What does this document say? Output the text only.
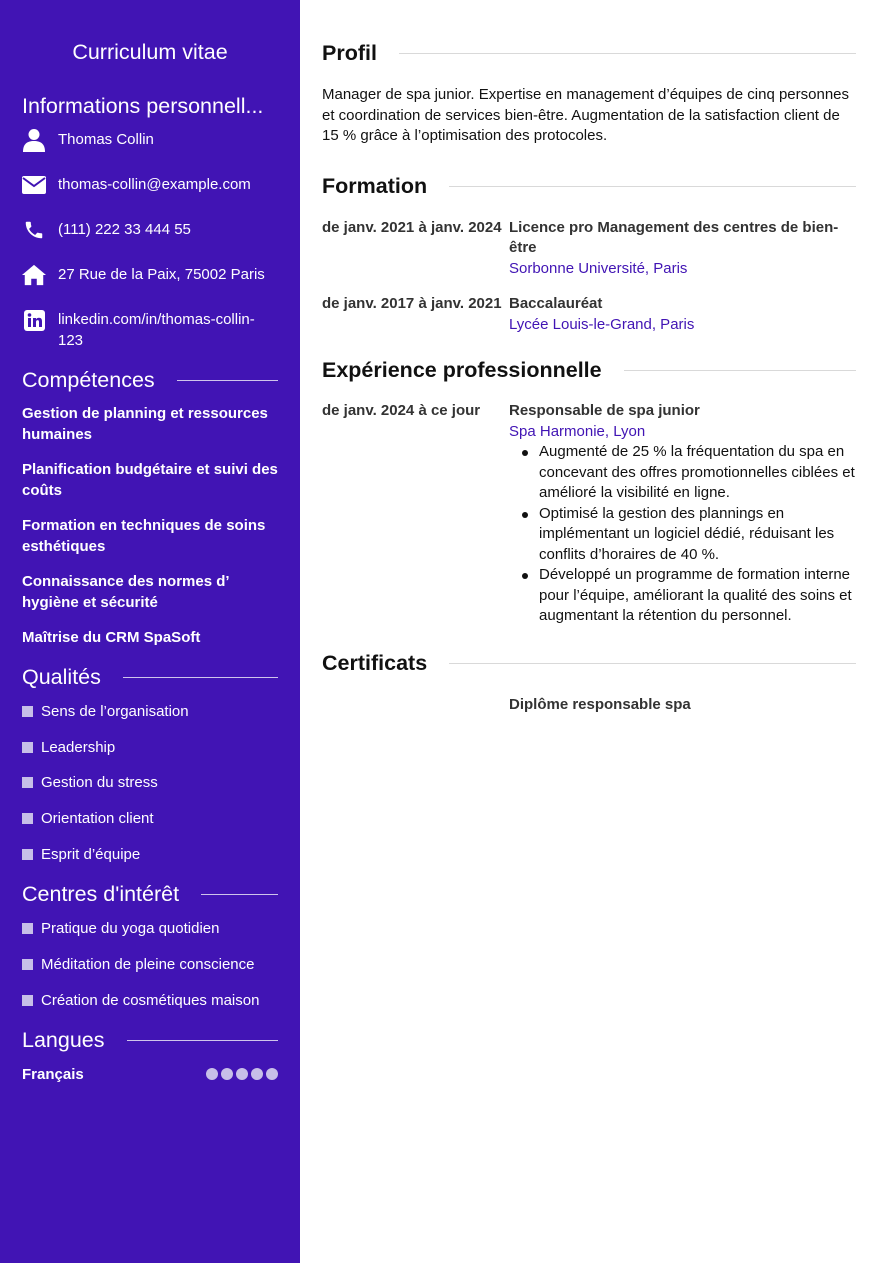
Curriculum vitae
Informations personnell...
Thomas Collin
thomas-collin@example.com
(111) 222 33 444 55
27 Rue de la Paix, 75002 Paris
linkedin.com/in/thomas-collin-123
Compétences
Gestion de planning et ressources humaines
Planification budgétaire et suivi des coûts
Formation en techniques de soins esthétiques
Connaissance des normes d’ hygiène et sécurité
Maîtrise du CRM SpaSoft
Qualités
Sens de l’organisation
Leadership
Gestion du stress
Orientation client
Esprit d’équipe
Centres d'intérêt
Pratique du yoga quotidien
Méditation de pleine conscience
Création de cosmétiques maison
Langues
Français
Profil

Manager de spa junior. Expertise en management d’équipes de cinq personnes et coordination de services bien-être. Augmentation de la satisfaction client de 15 % grâce à l’optimisation des protocoles.

Formation
de janv. 2021 à janv. 2024 Licence pro Management des centres de bien-être
Sorbonne Université, Paris
de janv. 2017 à janv. 2021 Baccalauréat
Lycée Louis-le-Grand, Paris
Expérience professionnelle
de janv. 2024 à ce jour	Responsable de spa junior
Spa Harmonie, Lyon
Augmenté de 25 % la fréquentation du spa en concevant des offres promotionnelles ciblées et amélioré la visibilité en ligne.
Optimisé la gestion des plannings en implémentant un logiciel dédié, réduisant les conflits d’horaires de 40 %.
Développé un programme de formation interne pour l’équipe, améliorant la qualité des soins et augmentant la rétention du personnel.
Certificats
Diplôme responsable spa
